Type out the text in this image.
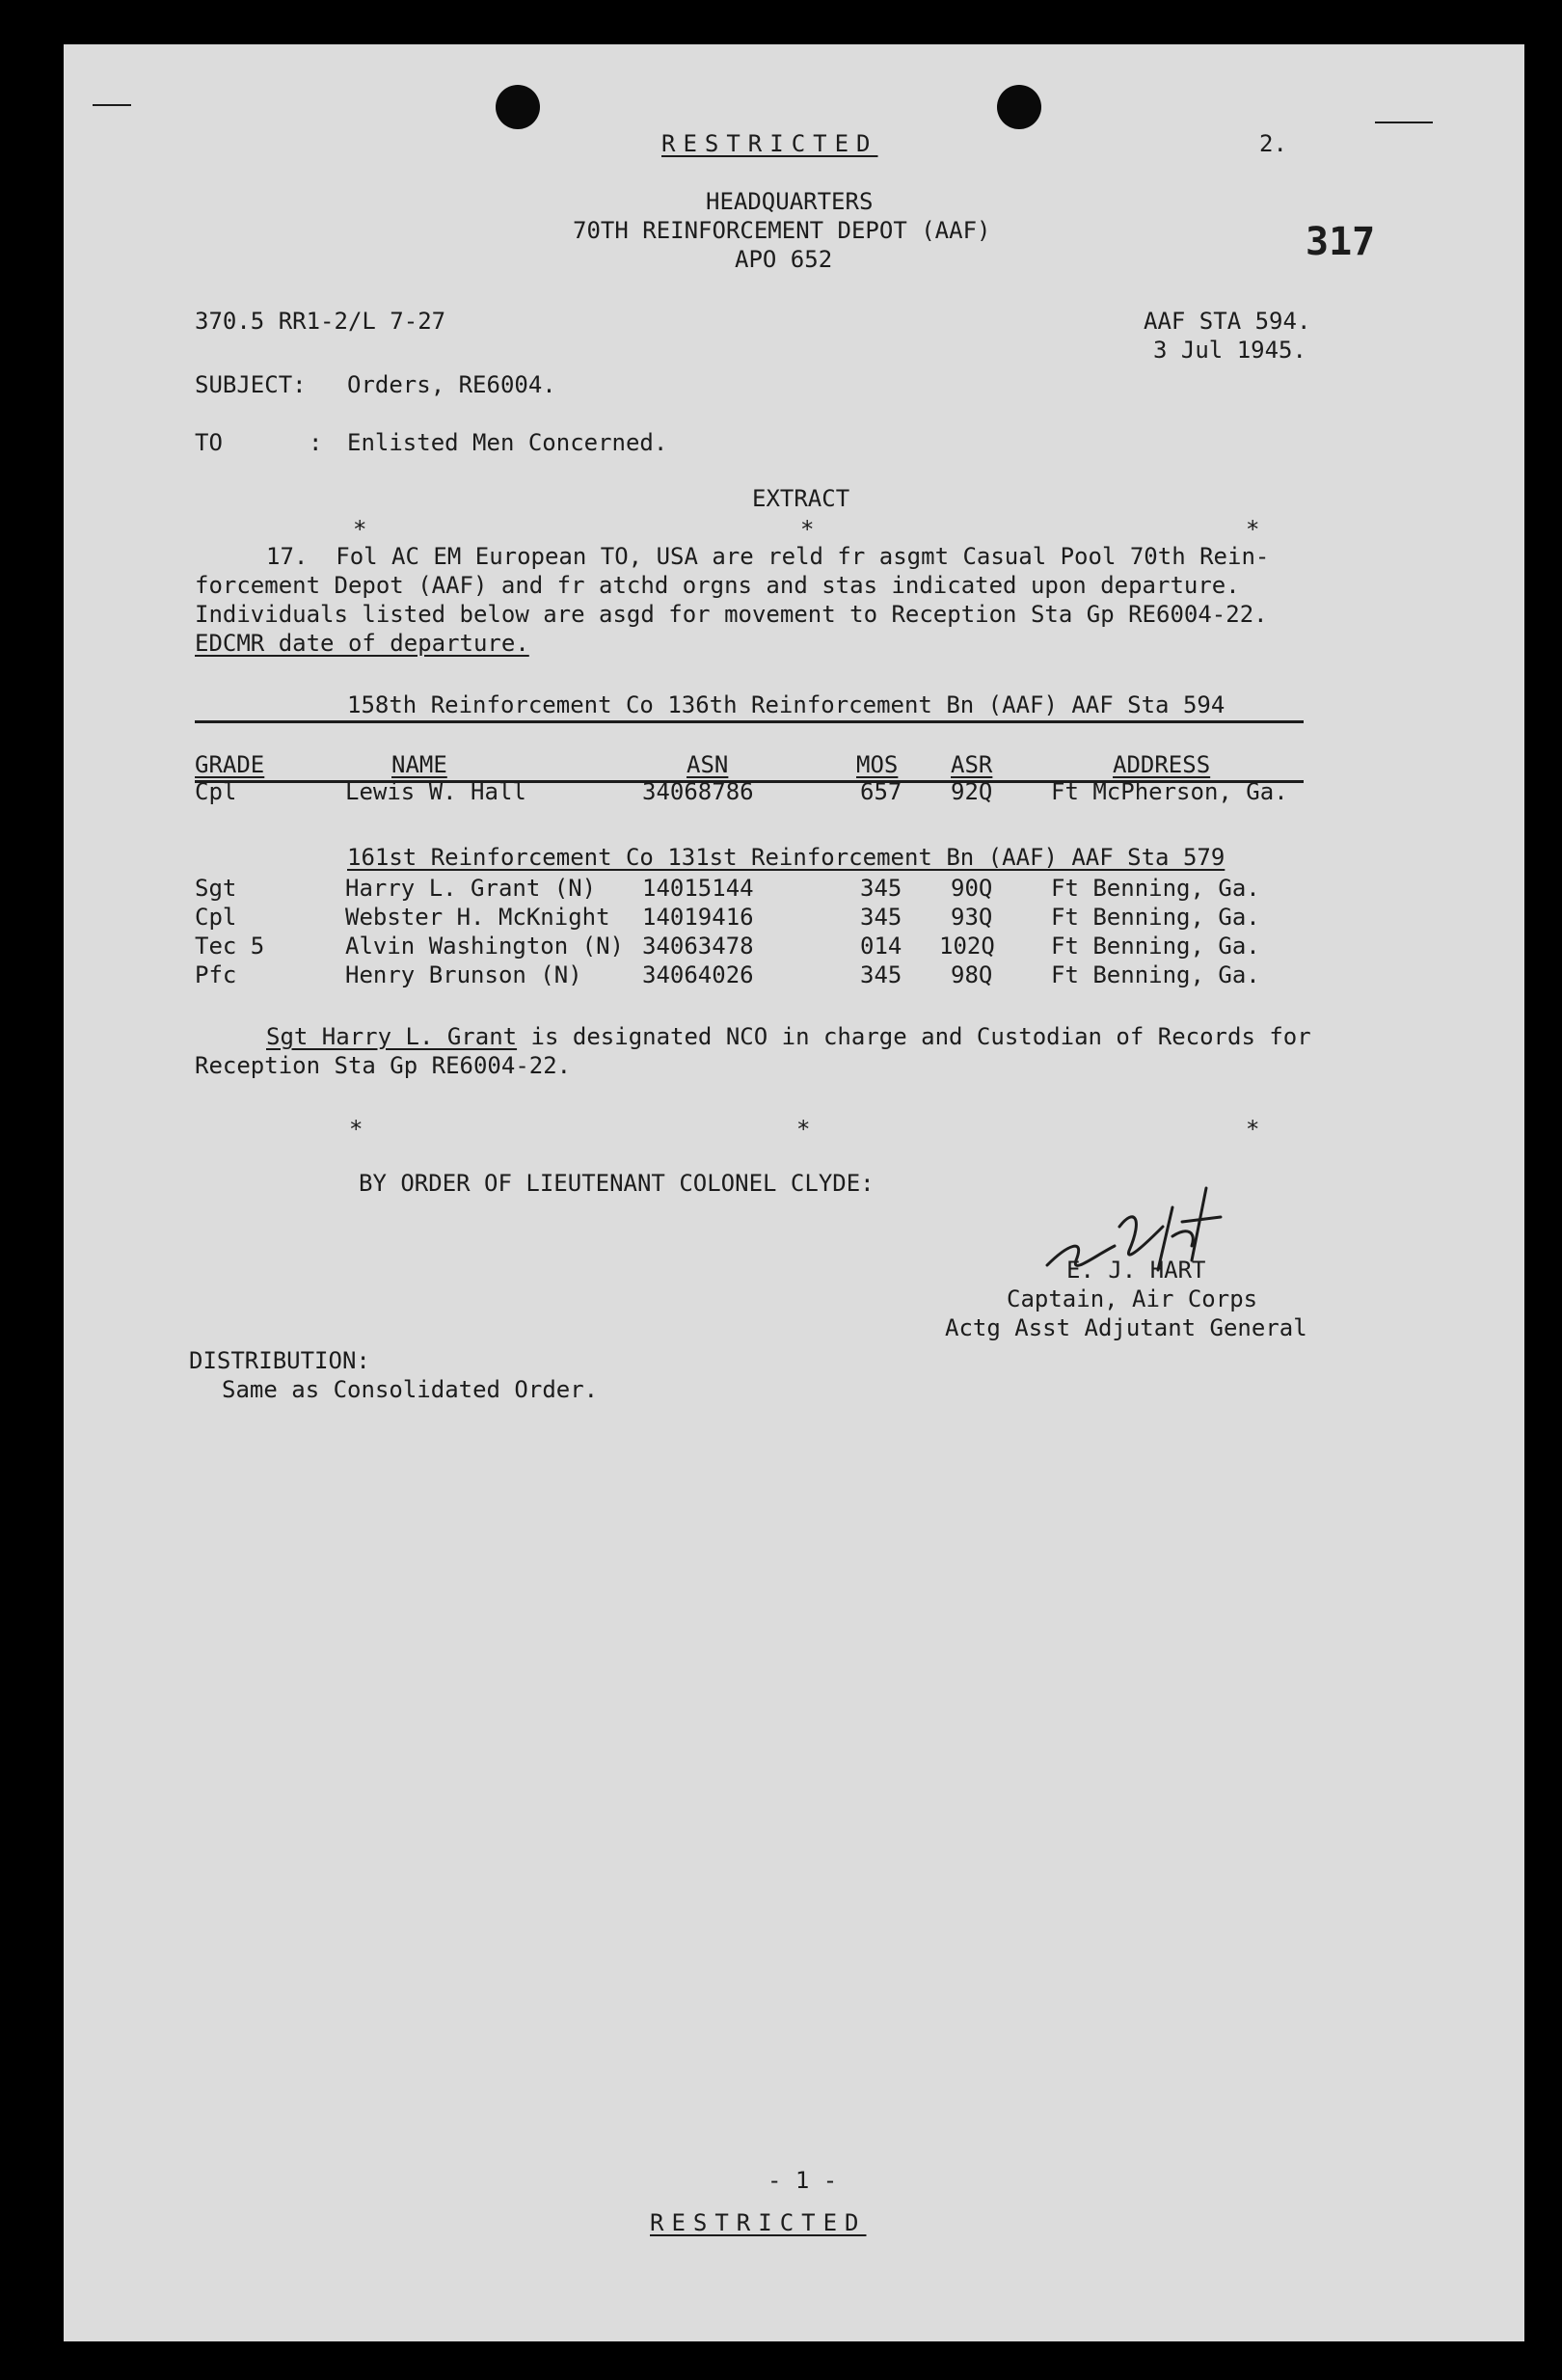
RESTRICTED	2.
HEADQUARTERS
70TH REINFORCEMENT DEPOT (AAF)
APO 652	317
370.5 RR1-2/L 7-27	AAF STA 594.
3 Jul 1945.
SUBJECT: Orders, RE6004.
TO	: Enlisted Men Concerned.
EXTRACT
*	*	*
17.  Fol AC EM European TO, USA are reld fr asgmt Casual Pool 70th Rein-
forcement Depot (AAF) and fr atchd orgns and stas indicated upon departure.
Individuals listed below are asgd for movement to Reception Sta Gp RE6004-22.
EDCMR date of departure.
158th Reinforcement Co 136th Reinforcement Bn (AAF) AAF Sta 594
GRADE	NAME	ASN	MOS ASR	ADDRESS
Cpl	Lewis W. Hall	34068786	657 92Q	Ft McPherson, Ga.
161st Reinforcement Co 131st Reinforcement Bn (AAF) AAF Sta 579
Sgt	Harry L. Grant (N) 14015144	345 90Q	Ft Benning, Ga.
Cpl	Webster H. McKnight 14019416	345 93Q	Ft Benning, Ga.
Tec 5	Alvin Washington (N) 34063478	014 102Q Ft Benning, Ga.
Pfc	Henry Brunson (N)	34064026	345 98Q	Ft Benning, Ga.
Sgt Harry L. Grant is designated NCO in charge and Custodian of Records for
Reception Sta Gp RE6004-22.
*	*	*
BY ORDER OF LIEUTENANT COLONEL CLYDE:
E. J. HART
Captain, Air Corps
Actg Asst Adjutant General
DISTRIBUTION:
Same as Consolidated Order.
- 1 -
RESTRICTED
